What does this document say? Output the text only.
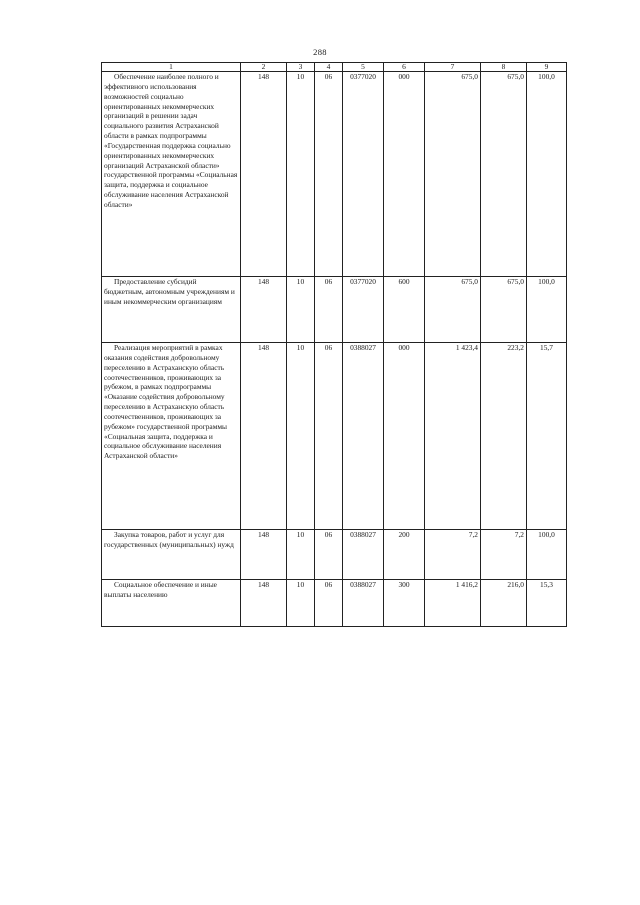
288
1	2	3	4	5	6	7	8	9

Обеспечение наиболее полного и эффективного использования возможностей социально ориентированных некоммерческих организаций в решении задач социального развития Астраханской области в рамках подпрограммы «Государственная поддержка социально ориентированных некоммерческих организаций Астраханской области» государственной программы «Социальная защита, поддержка и социальное обслуживание населения Астраханской области»	148	10	06	0377020	000	675,0	675,0	100,0

Предоставление субсидий бюджетным, автономным учреждениям и иным некоммерческим организациям	148	10	06	0377020	600	675,0	675,0	100,0

Реализация мероприятий в рамках оказания содействия добровольному переселению в Астраханскую область соотечественников, проживающих за рубежом, в рамках подпрограммы «Оказание содействия добровольному переселению в Астраханскую область соотечественников, проживающих за рубежом» государственной программы «Социальная защита, поддержка и социальное обслуживание населения Астраханской области»	148	10	06	0388027	000	1 423,4	223,2	15,7

Закупка товаров, работ и услуг для государственных (муниципальных) нужд	148	10	06	0388027	200	7,2	7,2	100,0

Социальное обеспечение и иные выплаты населению	148	10	06	0388027	300	1 416,2	216,0	15,3
